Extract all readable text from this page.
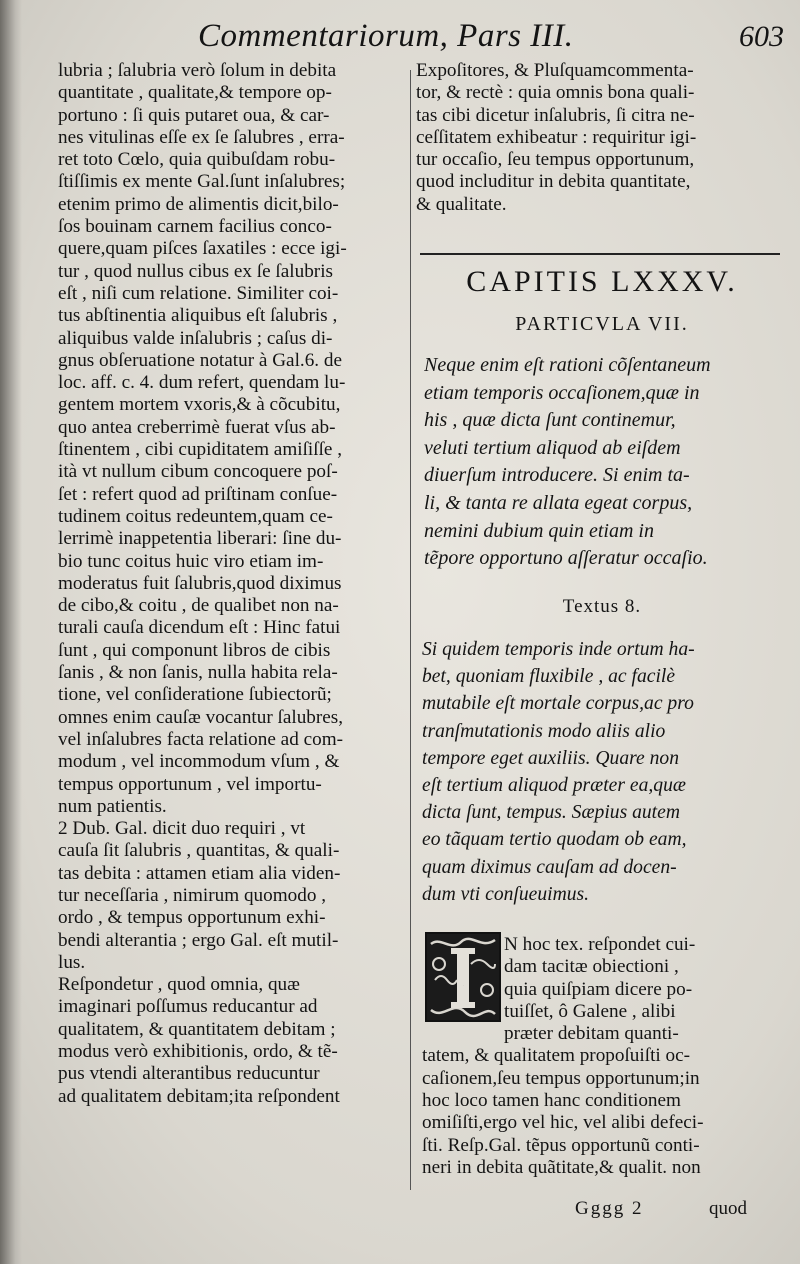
Commentariorum, Pars III.	603
lubria ; ſalubria verò ſolum in debita
quantitate , qualitate,& tempore op-
portuno : ſi quis putaret oua, & car-
nes vitulinas eſſe ex ſe ſalubres , erra-
ret toto Cœlo, quia quibuſdam robu-
ſtiſſimis ex mente Gal.ſunt inſalubres;
etenim primo de alimentis dicit,bilo-
ſos bouinam carnem facilius conco-
quere,quam piſces ſaxatiles : ecce igi-
tur , quod nullus cibus ex ſe ſalubris
eſt , niſi cum relatione. Similiter coi-
tus abſtinentia aliquibus eſt ſalubris ,
aliquibus valde inſalubris ; caſus di-
gnus obſeruatione notatur à Gal.6. de
loc. aff. c. 4. dum refert, quendam lu-
gentem mortem vxoris,& à cõcubitu,
quo antea creberrimè fuerat vſus ab-
ſtinentem , cibi cupiditatem amiſiſſe ,
ità vt nullum cibum concoquere poſ-
ſet : refert quod ad priſtinam conſue-
tudinem coitus redeuntem,quam ce-
lerrimè inappetentia liberari: ſine du-
bio tunc coitus huic viro etiam im-
moderatus fuit ſalubris,quod diximus
de cibo,& coitu , de qualibet non na-
turali cauſa dicendum eſt : Hinc fatui
ſunt , qui componunt libros de cibis
ſanis , & non ſanis, nulla habita rela-
tione, vel conſideratione ſubiectorũ;
omnes enim cauſæ vocantur ſalubres,
vel inſalubres facta relatione ad com-
modum , vel incommodum vſum , &
tempus opportunum , vel importu-
num patientis.
2 Dub. Gal. dicit duo requiri , vt
cauſa ſit ſalubris , quantitas, & quali-
tas debita : attamen etiam alia viden-
tur neceſſaria , nimirum quomodo ,
ordo , & tempus opportunum exhi-
bendi alterantia ; ergo Gal. eſt mutil-
lus.
Reſpondetur , quod omnia, quæ
imaginari poſſumus reducantur ad
qualitatem, & quantitatem debitam ;
modus verò exhibitionis, ordo, & tẽ-
pus vtendi alterantibus reducuntur
ad qualitatem debitam;ita reſpondent
Expoſitores, & Pluſquamcommenta-
tor, & rectè : quia omnis bona quali-
tas cibi dicetur inſalubris, ſi citra ne-
ceſſitatem exhibeatur : requiritur igi-
tur occaſio, ſeu tempus opportunum,
quod includitur in debita quantitate,
& qualitate.
CAPITIS LXXXV.
PARTICVLA VII.
Neque enim eſt rationi cõſentaneum
etiam temporis occaſionem,quæ in
his , quæ dicta ſunt contineтur,
veluti tertium aliquod ab eiſdem
diuerſum introducere. Si enim ta-
li, & tanta re allata egeat corpus,
nemini dubium quin etiam in
tẽpore opportuno aſſeratur occaſio.
Textus 8.
Si quidem temporis inde ortum ha-
bet, quoniam fluxibile , ac facilè
mutabile eſt mortale corpus,ac pro
tranſmutationis modo aliis alio
tempore eget auxiliis. Quare non
eſt tertium aliquod præter ea,quæ
dicta ſunt, tempus. Sæpius autem
eo tãquam tertio quodam ob eam,
quam diximus cauſam ad docen-
dum vti conſueuimus.
I
N hoc tex. reſpondet cui-
dam tacitæ obiectioni ,
quia quiſpiam dicere po-
tuiſſet, ô Galene , alibi
præter debitam quanti-
tatem, & qualitatem propoſuiſti oc-
caſionem,ſeu tempus opportunum;in
hoc loco tamen hanc conditionem
omiſiſti,ergo vel hic, vel alibi defeci-
ſti. Reſp.Gal. tẽpus opportunũ conti-
neri in debita quãtitate,& qualit. non
Gggg 2	quod
